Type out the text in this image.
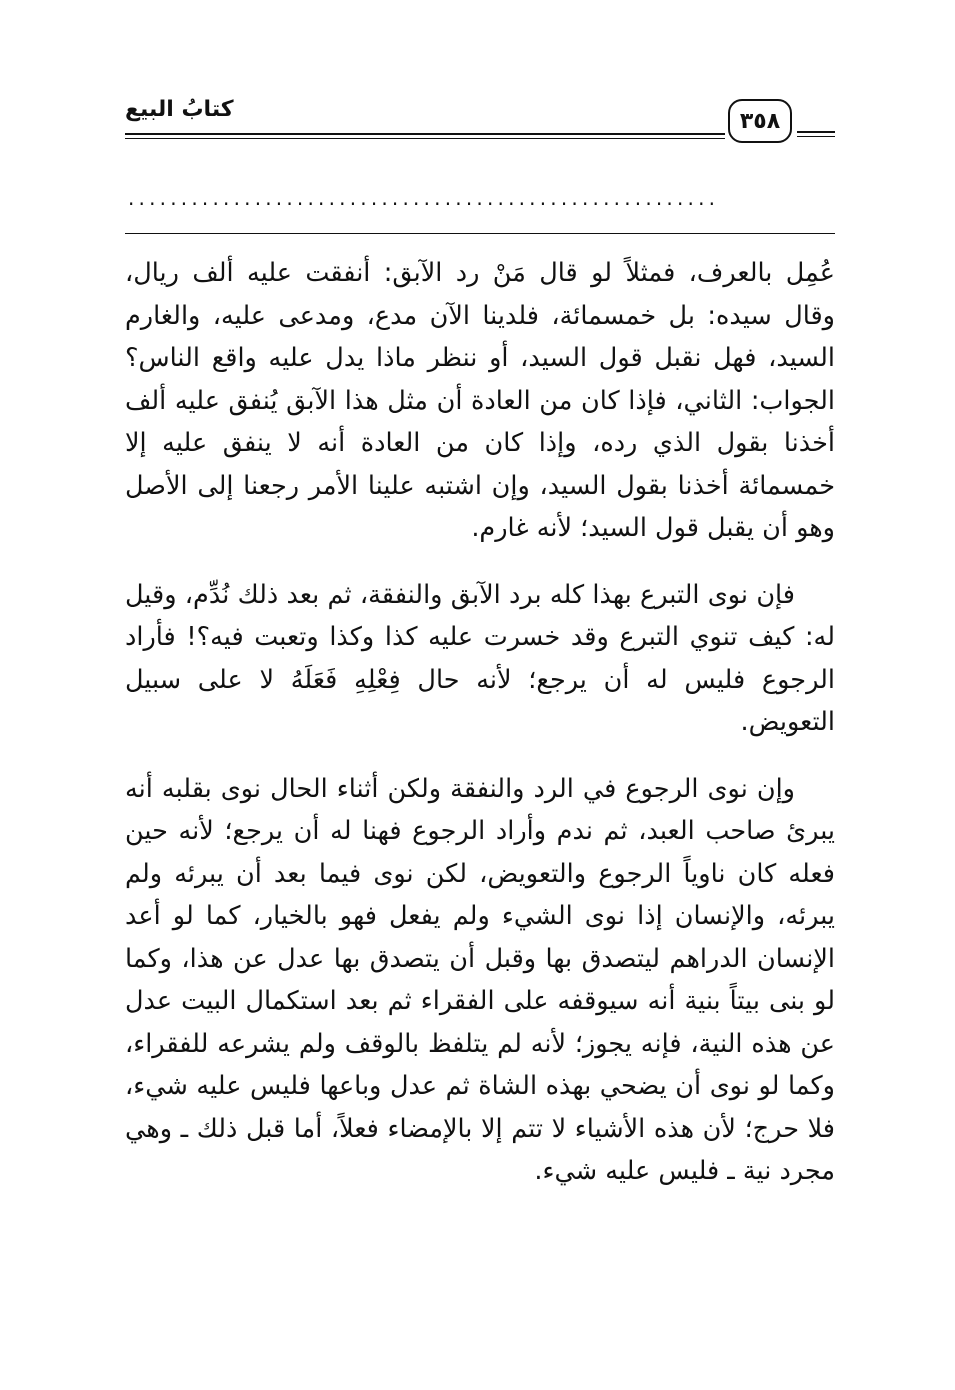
كتابُ البيع	٣٥٨
........................................................

عُمِل بالعرف، فمثلاً لو قال مَنْ رد الآبق: أنفقت عليه ألف ريال، وقال سيده: بل خمسمائة، فلدينا الآن مدع، ومدعى عليه، والغارم السيد، فهل نقبل قول السيد، أو ننظر ماذا يدل عليه واقع الناس؟ الجواب: الثاني، فإذا كان من العادة أن مثل هذا الآبق يُنفق عليه ألف أخذنا بقول الذي رده، وإذا كان من العادة أنه لا ينفق عليه إلا خمسمائة أخذنا بقول السيد، وإن اشتبه علينا الأمر رجعنا إلى الأصل وهو أن يقبل قول السيد؛ لأنه غارم.

فإن نوى التبرع بهذا كله برد الآبق والنفقة، ثم بعد ذلك نُدِّم، وقيل له: كيف تنوي التبرع وقد خسرت عليه كذا وكذا وتعبت فيه؟! فأراد الرجوع فليس له أن يرجع؛ لأنه حال فِعْلِهِ فَعَلَهُ لا على سبيل التعويض.

وإن نوى الرجوع في الرد والنفقة ولكن أثناء الحال نوى بقلبه أنه يبرئ صاحب العبد، ثم ندم وأراد الرجوع فهنا له أن يرجع؛ لأنه حين فعله كان ناوياً الرجوع والتعويض، لكن نوى فيما بعد أن يبرئه ولم يبرئه، والإنسان إذا نوى الشيء ولم يفعل فهو بالخيار، كما لو أعد الإنسان الدراهم ليتصدق بها وقبل أن يتصدق بها عدل عن هذا، وكما لو بنى بيتاً بنية أنه سيوقفه على الفقراء ثم بعد استكمال البيت عدل عن هذه النية، فإنه يجوز؛ لأنه لم يتلفظ بالوقف ولم يشرعه للفقراء، وكما لو نوى أن يضحي بهذه الشاة ثم عدل وباعها فليس عليه شيء، فلا حرج؛ لأن هذه الأشياء لا تتم إلا بالإمضاء فعلاً، أما قبل ذلك ـ وهي مجرد نية ـ فليس عليه شيء.
